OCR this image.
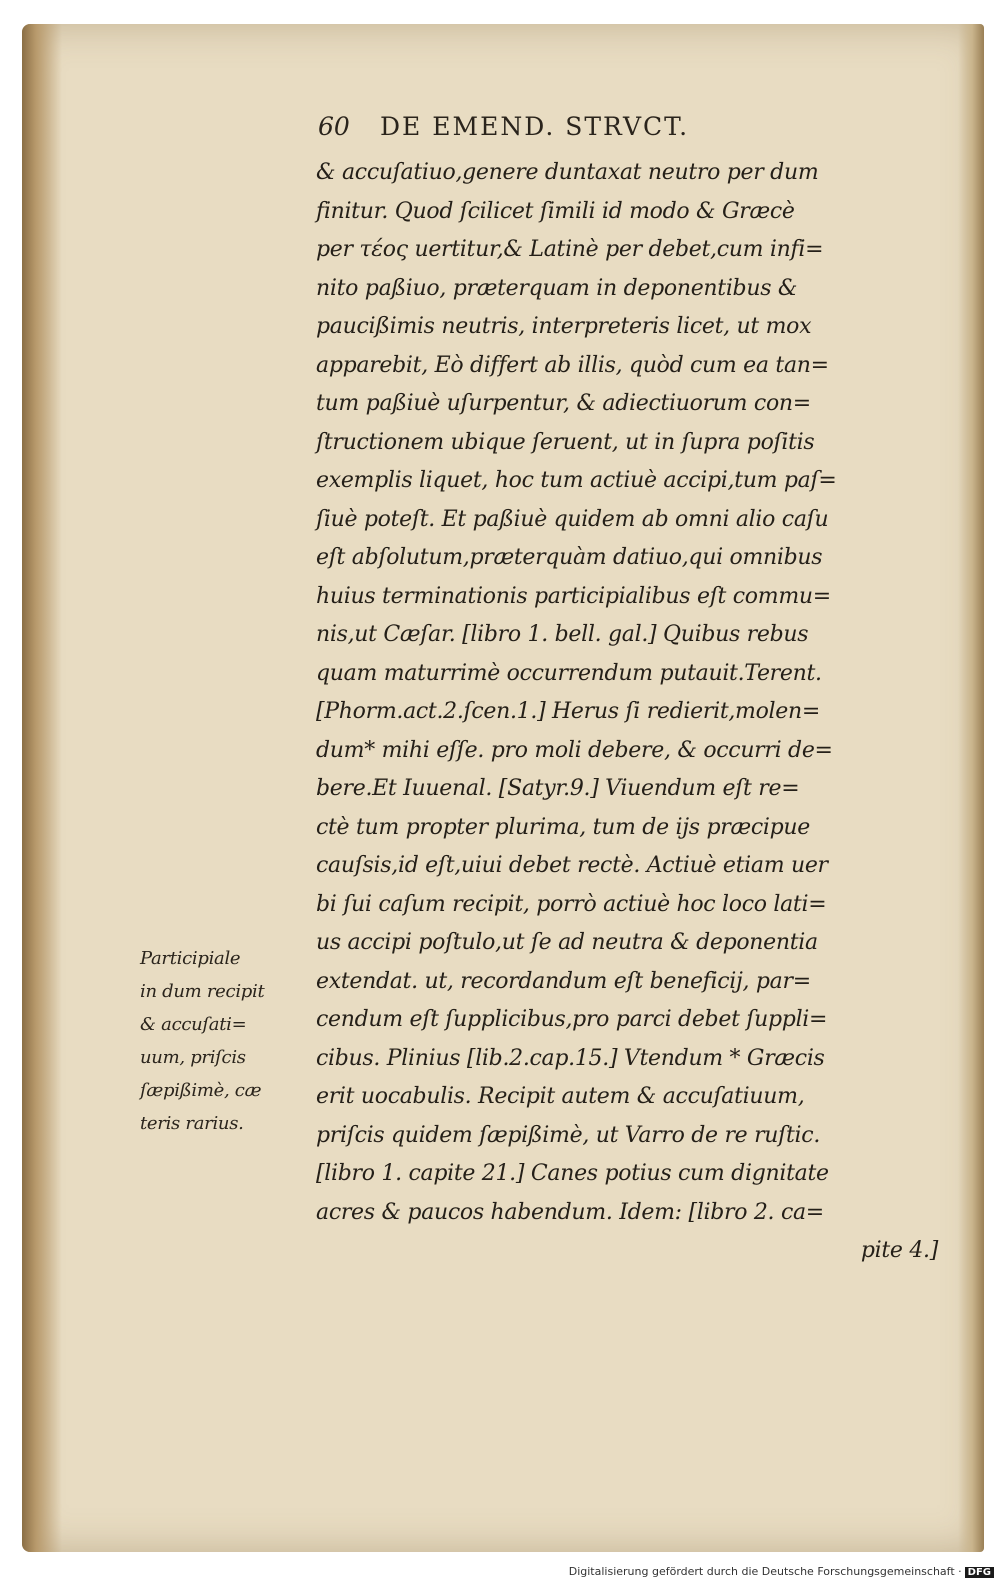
60 DE EMEND. STRVCT.
& accuſatiuo,genere duntaxat neutro per dum
finitur. Quod ſcilicet ſimili id modo & Græcè
per τέος uertitur,& Latinè per debet,cum infi=
nito paßiuo, præterquam in deponentibus &
paucißimis neutris, interpreteris licet, ut mox
apparebit, Eò differt ab illis, quòd cum ea tan=
tum paßiuè uſurpentur, & adiectiuorum con=
ſtructionem ubique ſeruent, ut in ſupra poſitis
exemplis liquet, hoc tum actiuè accipi,tum paſ=
ſiuè poteſt. Et paßiuè quidem ab omni alio caſu
eſt abſolutum,præterquàm datiuo,qui omnibus
huius terminationis participialibus eſt commu=
nis,ut Cæſar. [libro 1. bell. gal.] Quibus rebus
quam maturrimè occurrendum putauit.Terent.
[Phorm.act.2.ſcen.1.] Herus ſi redierit,molen=
dum* mihi eſſe. pro moli debere, & occurri de=
bere.Et Iuuenal. [Satyr.9.] Viuendum eſt re=
ctè tum propter plurima, tum de ijs præcipue
cauſsis,id eſt,uiui debet rectè. Actiuè etiam uer
bi ſui caſum recipit, porrò actiuè hoc loco lati=
us accipi poſtulo,ut ſe ad neutra & deponentia
extendat. ut, recordandum eſt beneficij, par=
cendum eſt ſupplicibus,pro parci debet ſuppli=
cibus. Plinius [lib.2.cap.15.] Vtendum * Græcis
erit uocabulis. Recipit autem & accuſatiuum,
priſcis quidem ſæpißimè, ut Varro de re ruſtic.
[libro 1. capite 21.] Canes potius cum dignitate
acres & paucos habendum. Idem: [libro 2. ca=
pite 4.]
Participiale
in dum recipit
& accuſati=
uum, priſcis
ſæpißimè, cæ
teris rarius.
Digitalisierung gefördert durch die Deutsche Forschungsgemeinschaft · DFG
